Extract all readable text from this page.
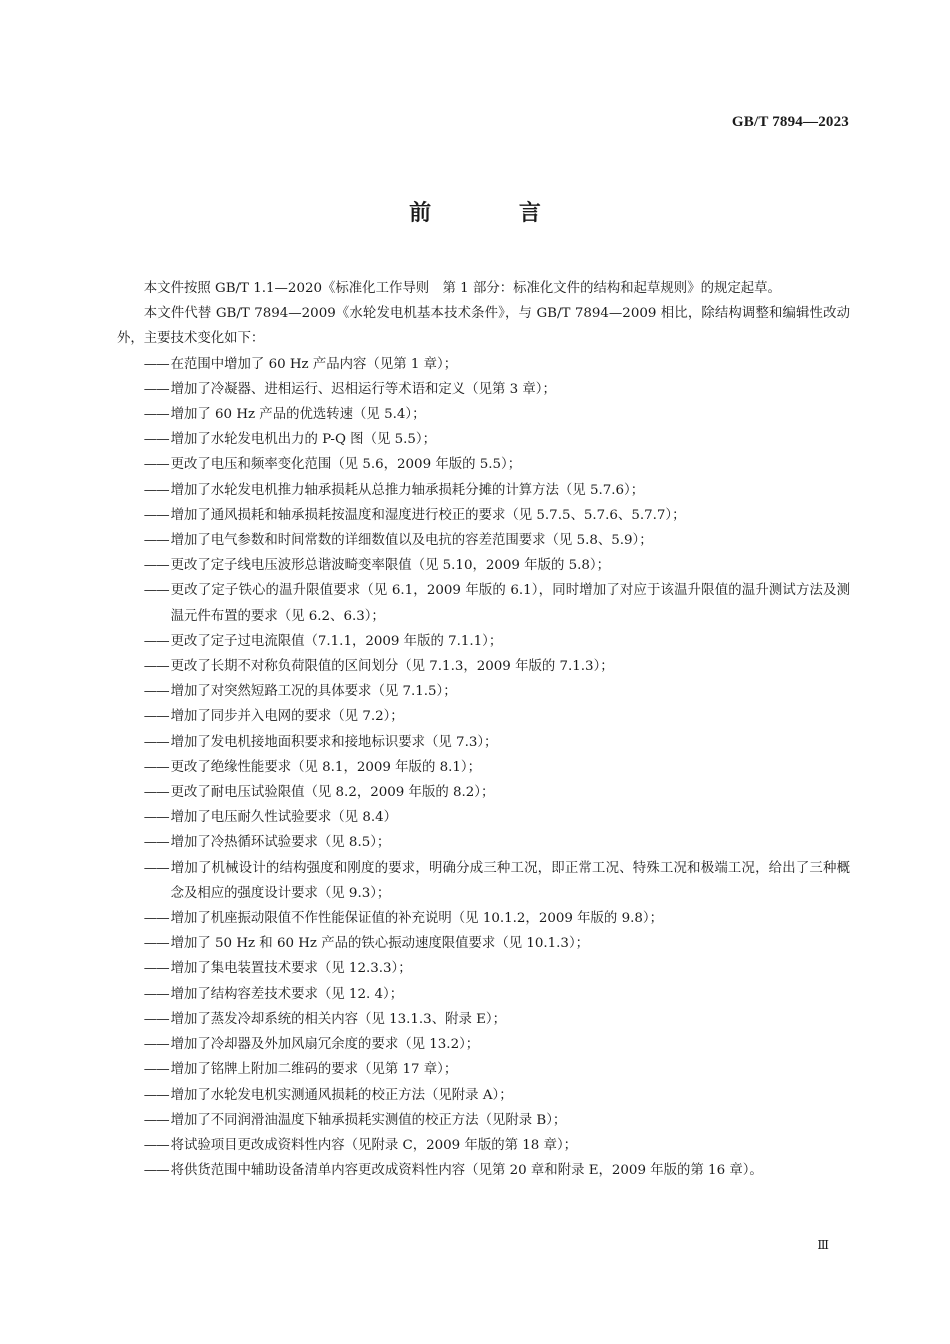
GB/T 7894—2023
前 言

本文件按照 GB/T 1.1—2020《标准化工作导则　第 1 部分：标准化文件的结构和起草规则》的规定起草。

本文件代替 GB/T 7894—2009《水轮发电机基本技术条件》，与 GB/T 7894—2009 相比，除结构调整和编辑性改动外，主要技术变化如下：

—— 在范围中增加了 60 Hz 产品内容（见第 1 章）；

—— 增加了冷凝器、进相运行、迟相运行等术语和定义（见第 3 章）；

—— 增加了 60 Hz 产品的优选转速（见 5.4）；

—— 增加了水轮发电机出力的 P-Q 图（见 5.5）；

—— 更改了电压和频率变化范围（见 5.6，2009 年版的 5.5）；

—— 增加了水轮发电机推力轴承损耗从总推力轴承损耗分摊的计算方法（见 5.7.6）；

—— 增加了通风损耗和轴承损耗按温度和湿度进行校正的要求（见 5.7.5、5.7.6、5.7.7）；

—— 增加了电气参数和时间常数的详细数值以及电抗的容差范围要求（见 5.8、5.9）；

—— 更改了定子线电压波形总谐波畸变率限值（见 5.10，2009 年版的 5.8）；

—— 更改了定子铁心的温升限值要求（见 6.1，2009 年版的 6.1），同时增加了对应于该温升限值的温升测试方法及测温元件布置的要求（见 6.2、6.3）；

—— 更改了定子过电流限值（7.1.1，2009 年版的 7.1.1）；

—— 更改了长期不对称负荷限值的区间划分（见 7.1.3，2009 年版的 7.1.3）；

—— 增加了对突然短路工况的具体要求（见 7.1.5）；

—— 增加了同步并入电网的要求（见 7.2）；

—— 增加了发电机接地面积要求和接地标识要求（见 7.3）；

—— 更改了绝缘性能要求（见 8.1，2009 年版的 8.1）；

—— 更改了耐电压试验限值（见 8.2，2009 年版的 8.2）；

—— 增加了电压耐久性试验要求（见 8.4）

—— 增加了冷热循环试验要求（见 8.5）；

—— 增加了机械设计的结构强度和刚度的要求，明确分成三种工况，即正常工况、特殊工况和极端工况，给出了三种概念及相应的强度设计要求（见 9.3）；

—— 增加了机座振动限值不作性能保证值的补充说明（见 10.1.2，2009 年版的 9.8）；

—— 增加了 50 Hz 和 60 Hz 产品的铁心振动速度限值要求（见 10.1.3）；

—— 增加了集电装置技术要求（见 12.3.3）；

—— 增加了结构容差技术要求（见 12. 4）；

—— 增加了蒸发冷却系统的相关内容（见 13.1.3、附录 E）；

—— 增加了冷却器及外加风扇冗余度的要求（见 13.2）；

—— 增加了铭牌上附加二维码的要求（见第 17 章）；

—— 增加了水轮发电机实测通风损耗的校正方法（见附录 A）；

—— 增加了不同润滑油温度下轴承损耗实测值的校正方法（见附录 B）；

—— 将试验项目更改成资料性内容（见附录 C，2009 年版的第 18 章）；

—— 将供货范围中辅助设备清单内容更改成资料性内容（见第 20 章和附录 E，2009 年版的第 16 章）。

Ⅲ
